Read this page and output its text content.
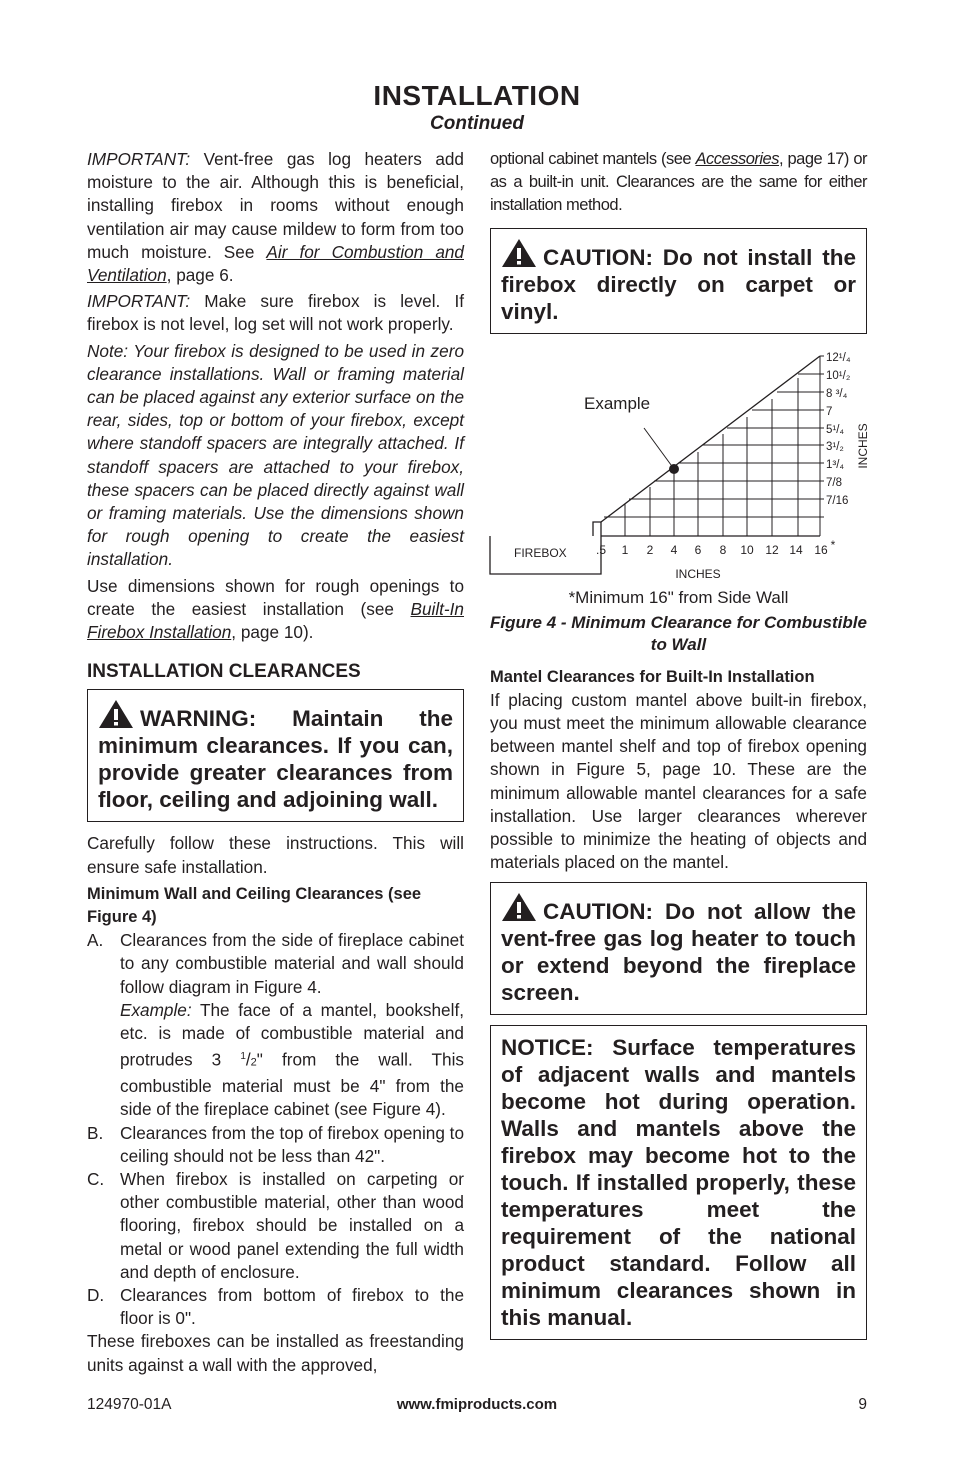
INSTALLATION
Continued

IMPORTANT: Vent-free gas log heaters add moisture to the air. Although this is beneficial, installing firebox in rooms without enough ventilation air may cause mildew to form from too much moisture. See Air for Combustion and Ventilation, page 6.

IMPORTANT: Make sure firebox is level. If firebox is not level, log set will not work properly.

Note: Your firebox is designed to be used in zero clearance installations. Wall or framing material can be placed against any exterior surface on the rear, sides, top or bottom of your firebox, except where standoff spacers are integrally attached. If standoff spacers are attached to your firebox, these spacers can be placed directly against wall or framing materials. Use the dimensions shown for rough opening to create the easiest installation.

Use dimensions shown for rough openings to create the easiest installation (see Built-In Firebox Installation, page 10).

INSTALLATION CLEARANCES
WARNING: Maintain the minimum clearances. If you can, provide greater clearances from floor, ceiling and adjoining wall.

Carefully follow these instructions. This will ensure safe installation.

Minimum Wall and Ceiling Clearances (see Figure 4)
A. Clearances from the side of fireplace cabinet to any combustible material and wall should follow diagram in Figure 4.
Example: The face of a mantel, bookshelf, etc. is made of combustible material and protrudes 3 $^1$/2" from the wall. This combustible material must be 4" from the side of the fireplace cabinet (see Figure 4).
B. Clearances from the top of firebox opening to ceiling should not be less than 42".
C. When firebox is installed on carpeting or other combustible material, other than wood flooring, firebox should be installed on a metal or wood panel extending the full width and depth of enclosure.
D. Clearances from bottom of firebox to the floor is 0".

These fireboxes can be installed as freestanding units against a wall with the approved,

optional cabinet mantels (see Accessories, page 17) or as a built-in unit. Clearances are the same for either installation method.

CAUTION: Do not install the firebox directly on carpet or vinyl.
Example
FIREBOX
INCHES
INCHES
.5 1 2 4 6 8 10 12 14 16 *
12¹/₄
10¹/₂
8 ³/₄
7
5¹/₄
3¹/₂
1³/₄
7/8
7/16
*Minimum 16" from Side Wall
Figure 4 - Minimum Clearance for Combustible to Wall
Mantel Clearances for Built-In Installation

If placing custom mantel above built-in firebox, you must meet the minimum allowable clearance between mantel shelf and top of firebox opening shown in Figure 5, page 10. These are the minimum allowable mantel clearances for a safe installation. Use larger clearances wherever possible to minimize the heating of objects and materials placed on the mantel.

CAUTION: Do not allow the vent-free gas log heater to touch or extend beyond the fireplace screen.
NOTICE: Surface temperatures of adjacent walls and mantels become hot during operation. Walls and mantels above the firebox may become hot to the touch. If installed properly, these temperatures meet the requirement of the national product standard. Follow all minimum clearances shown in this manual.
124970-01A	www.fmiproducts.com	9
